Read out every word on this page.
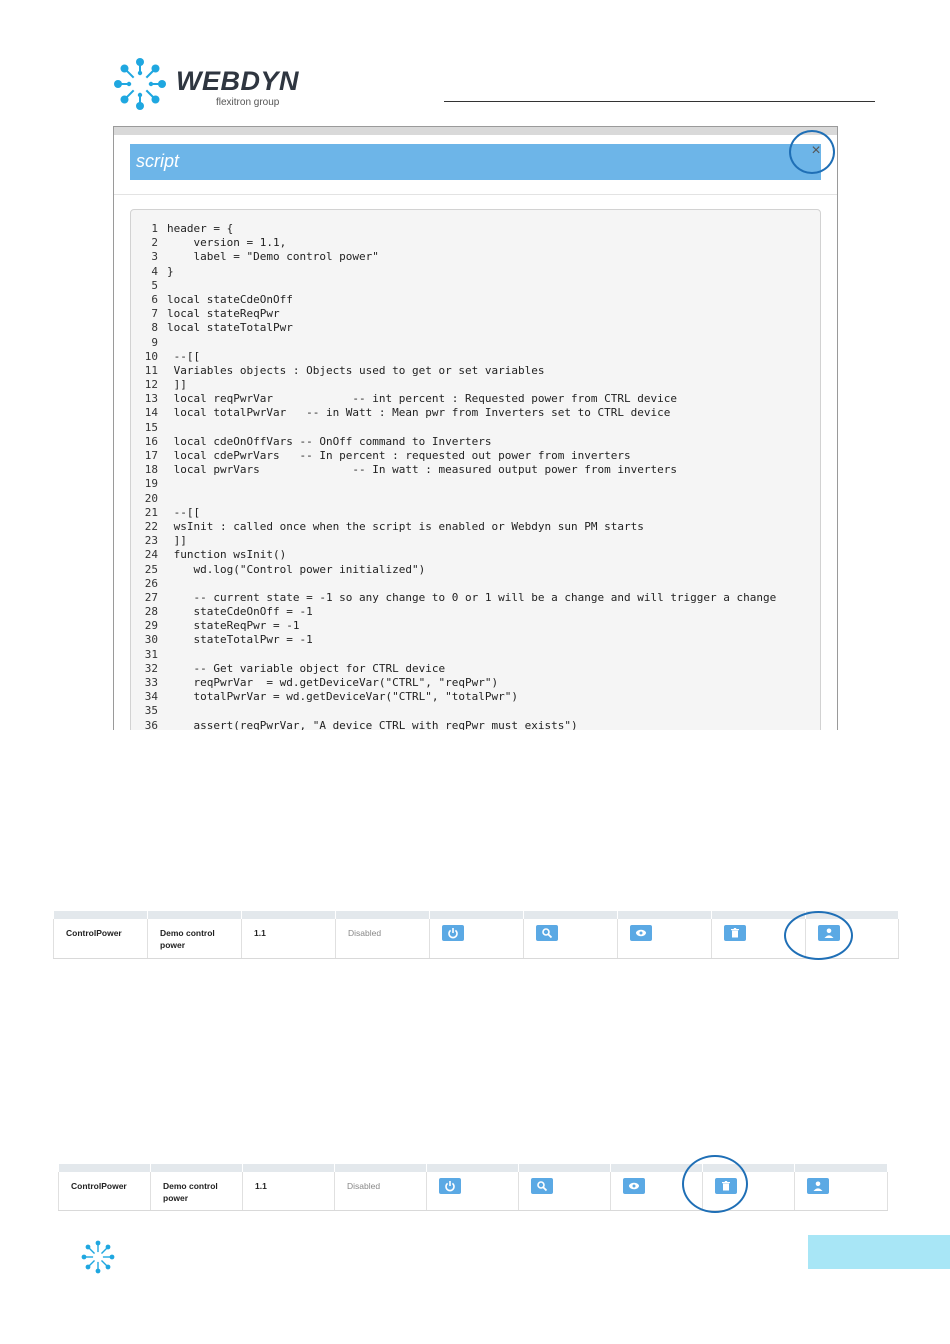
WEBDYN
flexitron group
script
×
1 header = {
2    version = 1.1,
3    label = "Demo control power"
4 }
5
6 local stateCdeOnOff
7 local stateReqPwr
8 local stateTotalPwr
9
10 --[[
11 Variables objects : Objects used to get or set variables
12 ]]
13 local reqPwrVar            -- int percent : Requested power from CTRL device
14 local totalPwrVar   -- in Watt : Mean pwr from Inverters set to CTRL device
15
16 local cdeOnOffVars -- OnOff command to Inverters
17 local cdePwrVars   -- In percent : requested out power from inverters
18 local pwrVars              -- In watt : measured output power from inverters
19
20
21 --[[
22 wsInit : called once when the script is enabled or Webdyn sun PM starts
23 ]]
24 function wsInit()
25    wd.log("Control power initialized")
26
27    -- current state = -1 so any change to 0 or 1 will be a change and will trigger a change
28    stateCdeOnOff = -1
29    stateReqPwr = -1
30    stateTotalPwr = -1
31
32    -- Get variable object for CTRL device
33    reqPwrVar  = wd.getDeviceVar("CTRL", "reqPwr")
34    totalPwrVar = wd.getDeviceVar("CTRL", "totalPwr")
35
36    assert(reqPwrVar, "A device CTRL with reqPwr must exists")

ControlPower	Demo control power	1.1	Disabled	

ControlPower	Demo control power	1.1	Disabled	
